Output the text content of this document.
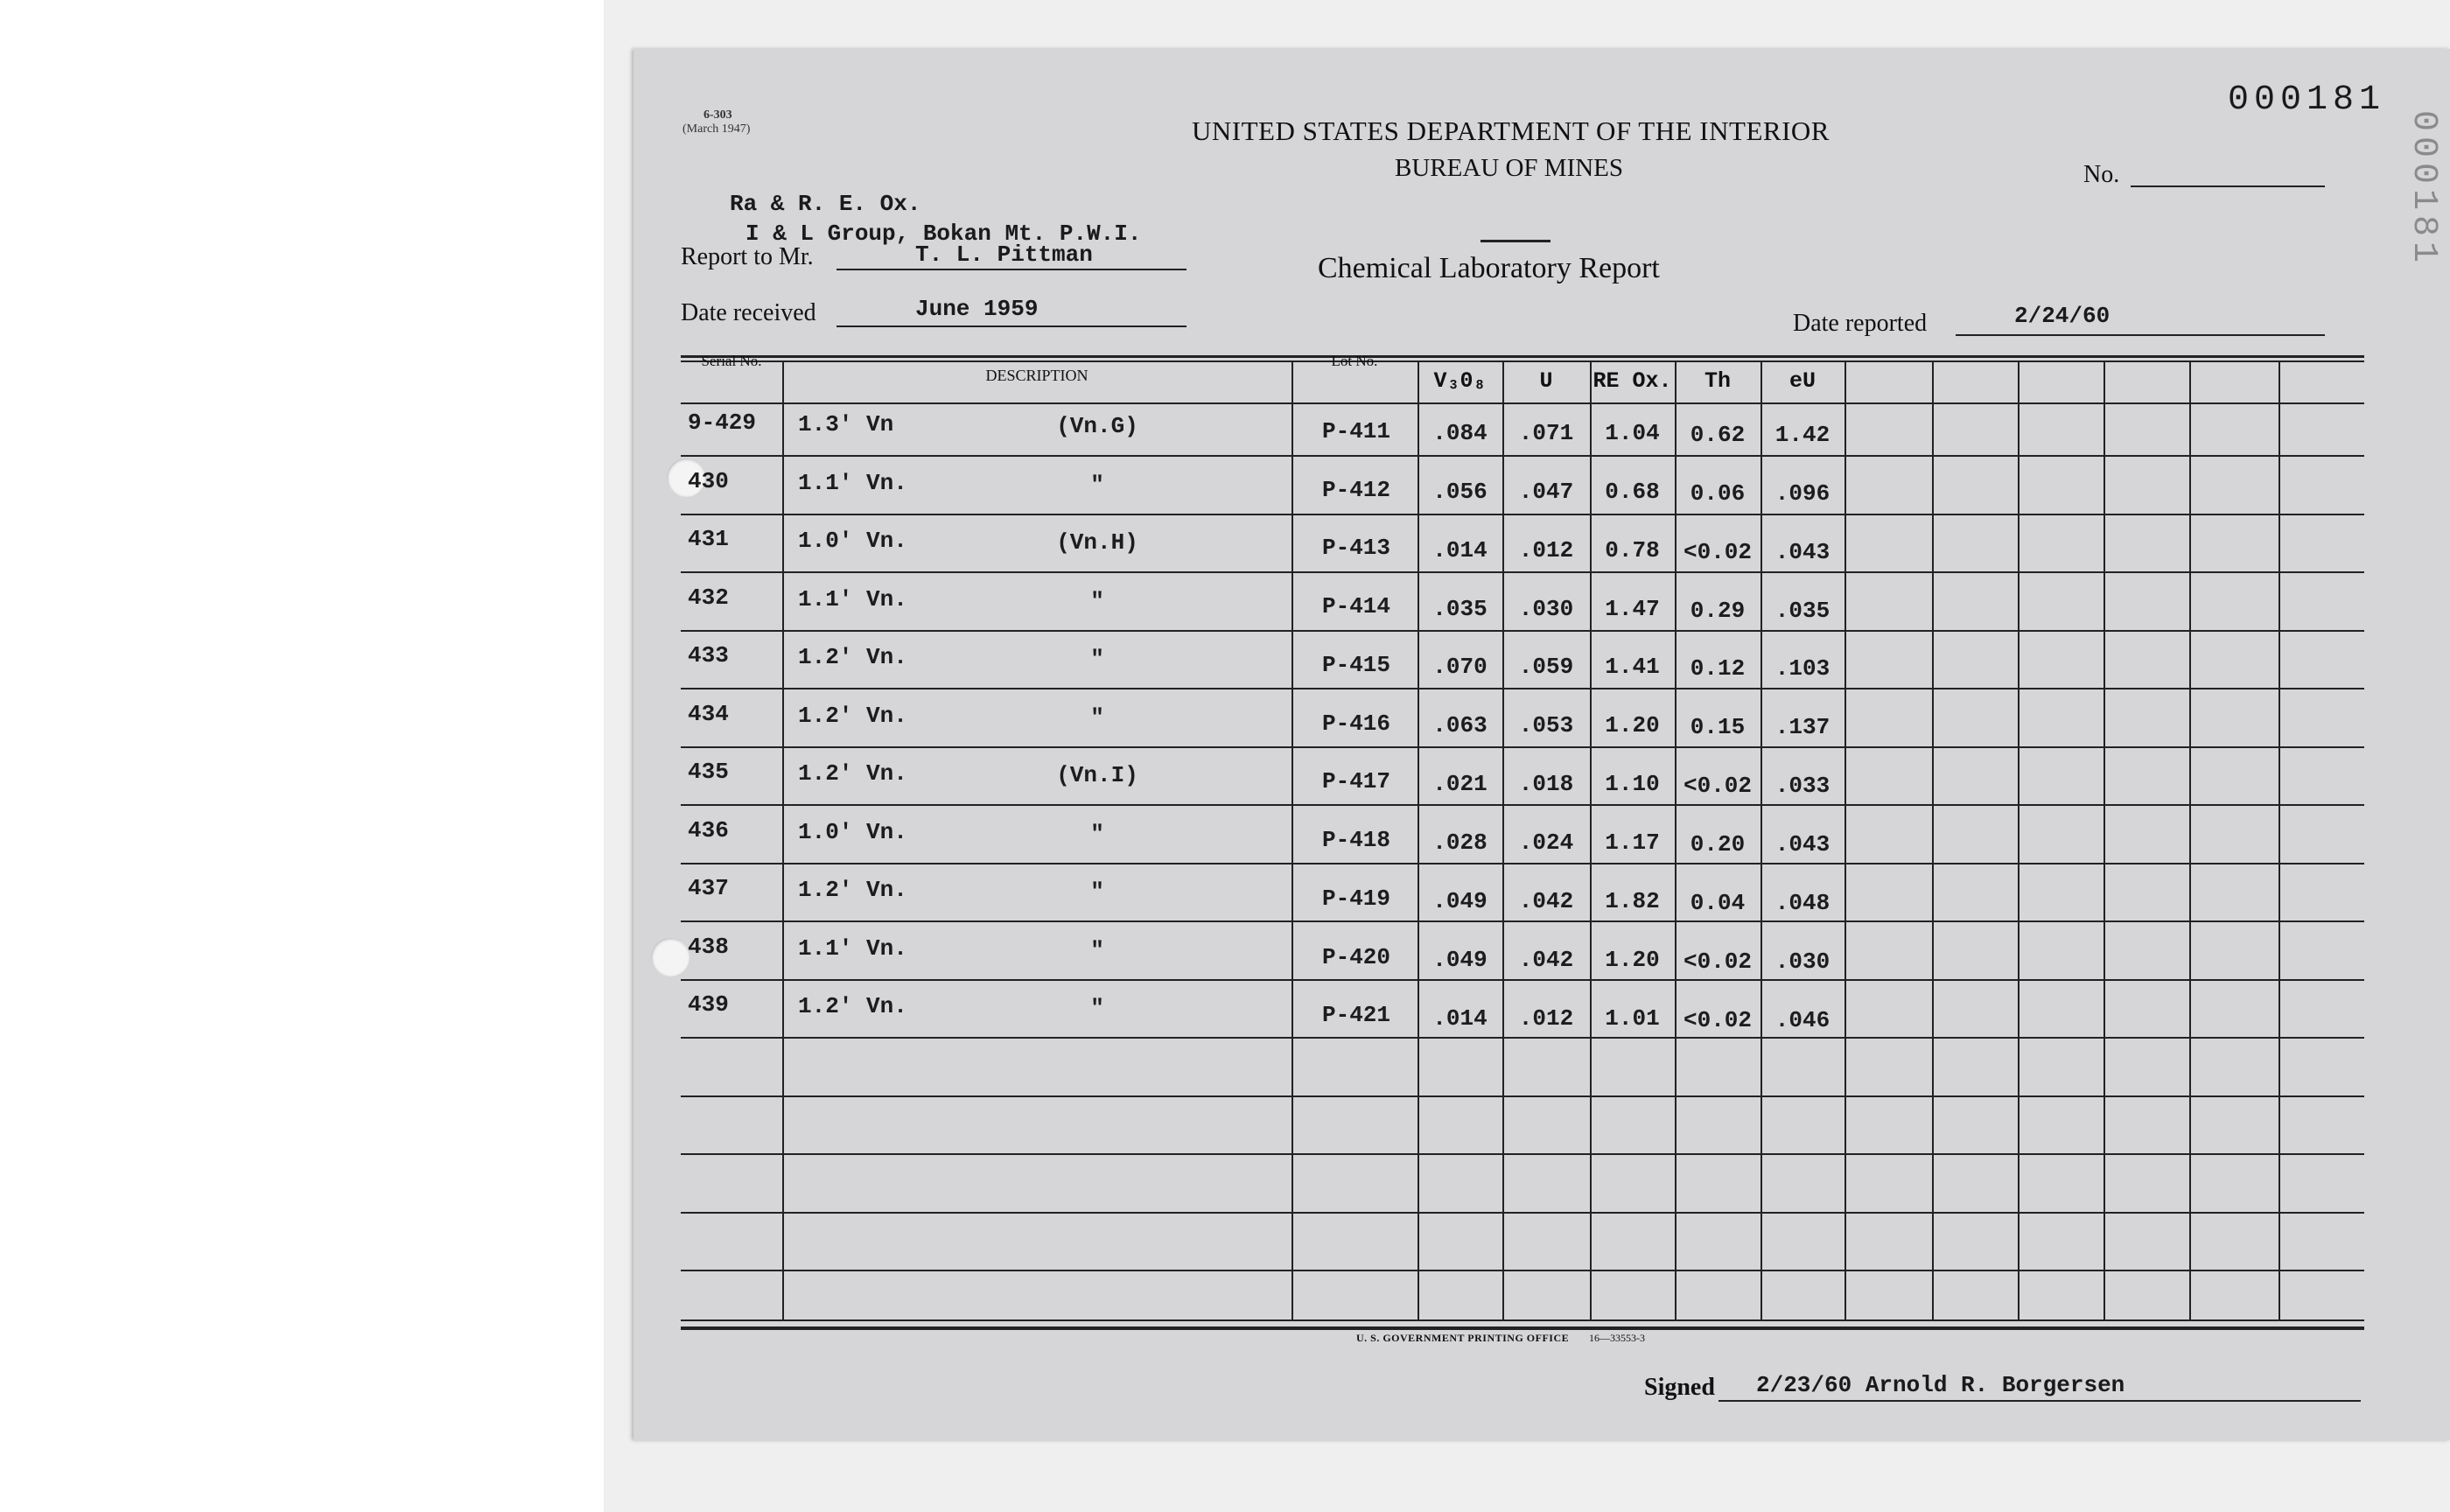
6-303
(March 1947)	UNITED STATES DEPARTMENT OF THE INTERIOR
BUREAU OF MINES
Chemical Laboratory Report
000181
000181
No.
Ra & R. E. Ox.
I & L Group, Bokan Mt. P.W.I.
Report to Mr.	T. L. Pittman
Date received	June 1959
Date reported	2/24/60
U. S. GOVERNMENT PRINTING OFFICE 16—33553-3
Signed 2/23/60 Arnold R. Borgersen
Serial No.
DESCRIPTION
Lot No.
V₃0₈	U	RE Ox.	Th	eU
9-429	1.3' Vn	(Vn.G)	P-411	.084	.071	1.04	0.62	1.42
430	1.1' Vn.	"	P-412	.056	.047	0.68	0.06	.096
431	1.0' Vn.	(Vn.H)	P-413	.014	.012	0.78	<0.02	.043
432	1.1' Vn.	"	P-414	.035	.030	1.47	0.29	.035
433	1.2' Vn.	"	P-415	.070	.059	1.41	0.12	.103
434	1.2' Vn.	"	P-416	.063	.053	1.20	0.15	.137
435	1.2' Vn.	(Vn.I)	P-417	.021	.018	1.10	<0.02	.033
436	1.0' Vn.	"	P-418	.028	.024	1.17	0.20	.043
437	1.2' Vn.	"	P-419	.049	.042	1.82	0.04	.048
438	1.1' Vn.	"	P-420	.049	.042	1.20	<0.02	.030
439	1.2' Vn.	"	P-421	.014	.012	1.01	<0.02	.046
